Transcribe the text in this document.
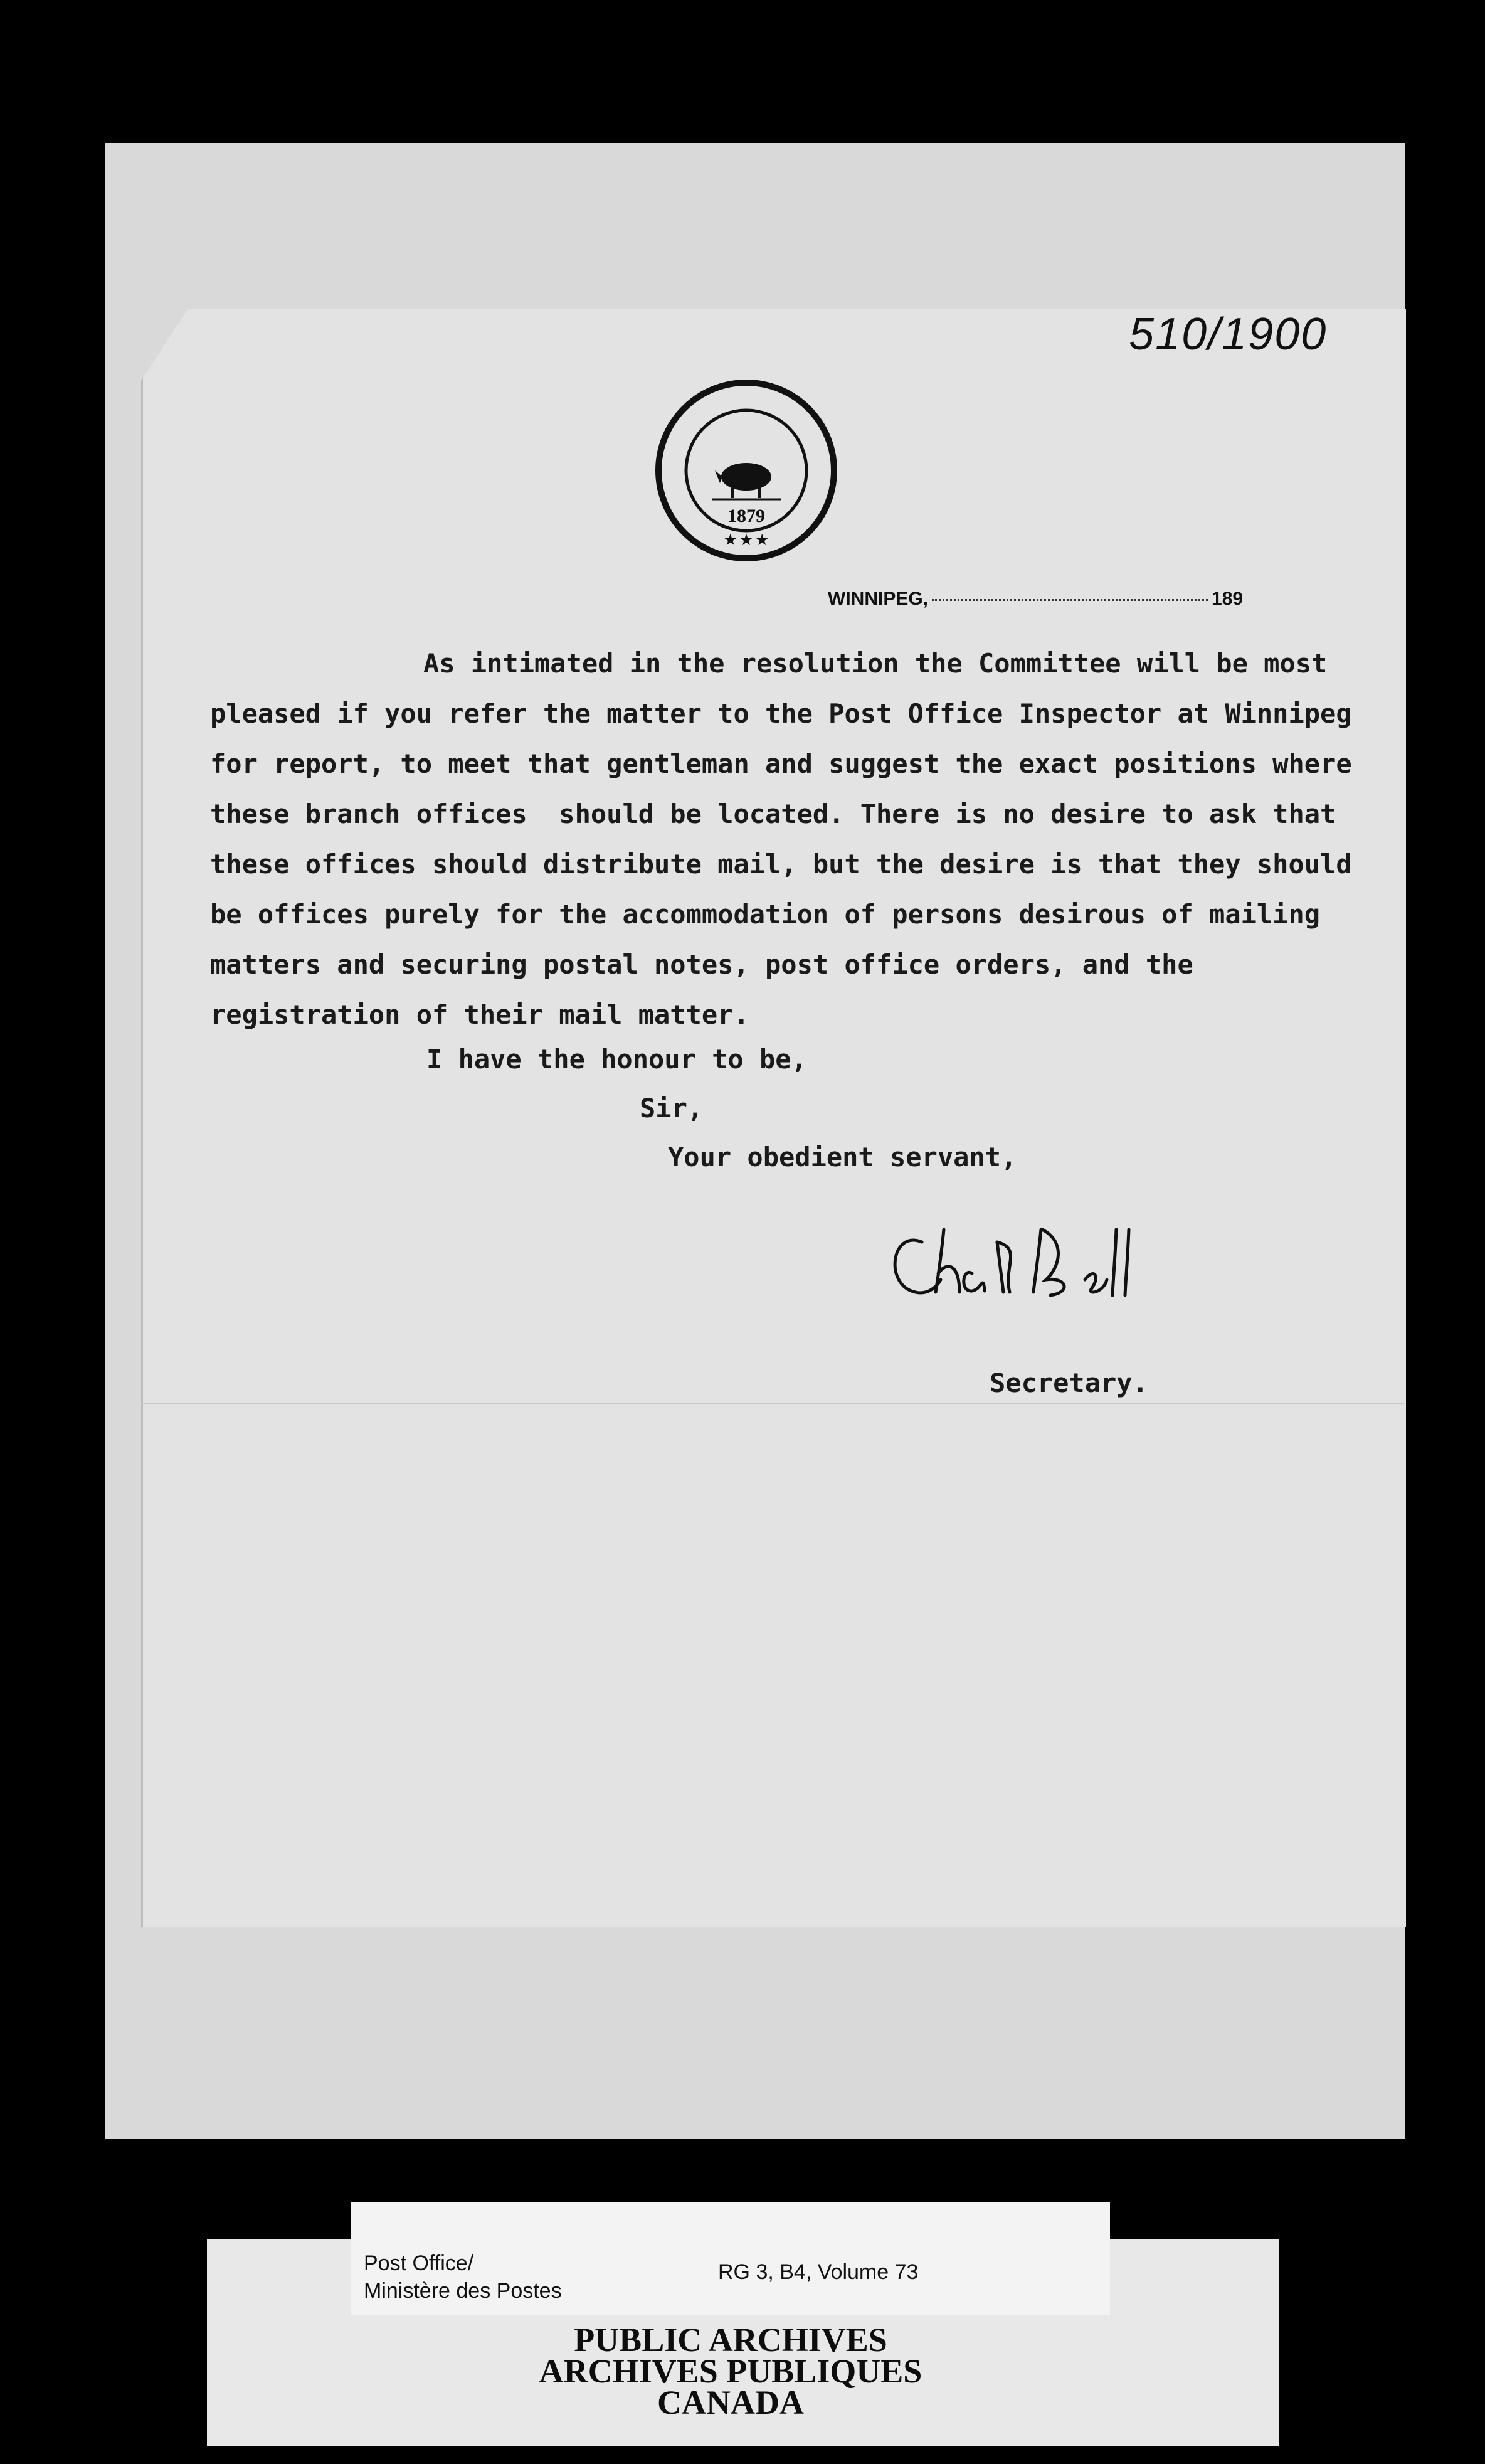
510/1900
1879
★ ★ ★
WINNIPEG,	189

As intimated in the resolution the Committee will be most

pleased if you refer the matter to the Post Office Inspector at Winnipeg

for report, to meet that gentleman and suggest the exact positions where

these branch offices  should be located. There is no desire to ask that

these offices should distribute mail, but the desire is that they should

be offices purely for the accommodation of persons desirous of mailing

matters and securing postal notes, post office orders, and the

registration of their mail matter.

I have the honour to be,
Sir,
Your obedient servant,
Secretary.
Post Office/
Ministère des Postes
RG 3, B4, Volume 73
PUBLIC ARCHIVES
ARCHIVES PUBLIQUES
CANADA
